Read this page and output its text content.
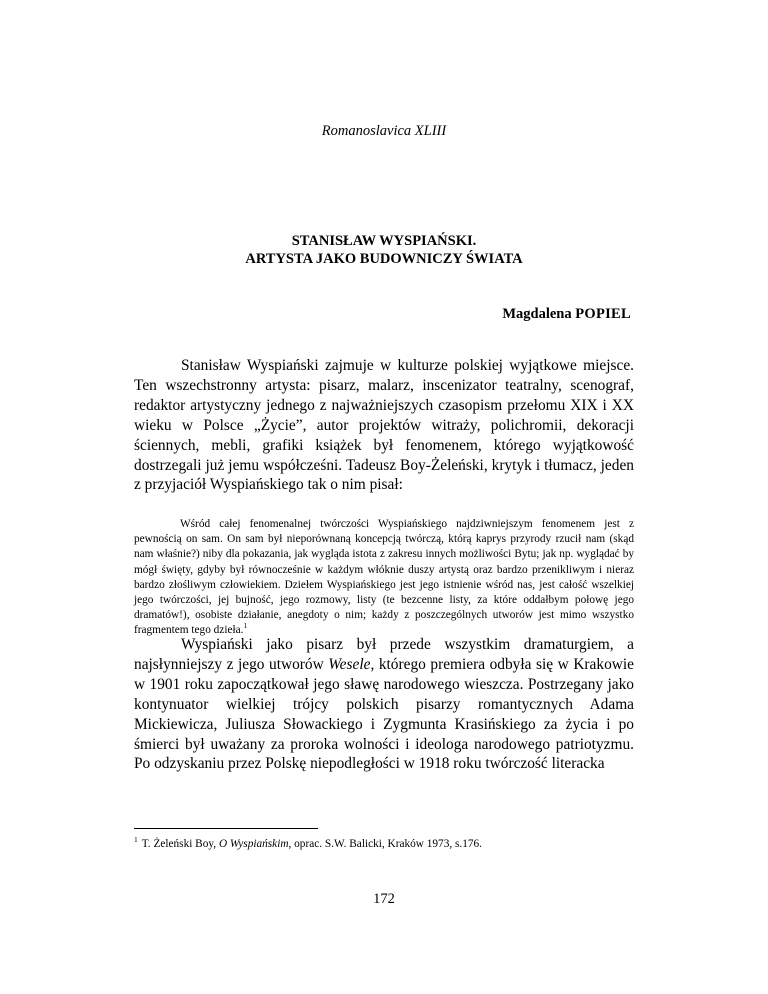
Romanoslavica XLIII
STANISŁAW WYSPIAŃSKI.
ARTYSTA JAKO BUDOWNICZY ŚWIATA
Magdalena POPIEL

Stanisław Wyspiański zajmuje w kulturze polskiej wyjątkowe miejsce. Ten wszechstronny artysta: pisarz, malarz, inscenizator teatralny, scenograf, redaktor artystyczny jednego z najważniejszych czasopism przełomu XIX i XX wieku w Polsce „Życie”, autor projektów witraży, polichromii, dekoracji ściennych, mebli, grafiki książek był fenomenem, którego wyjątkowość dostrzegali już jemu współcześni. Tadeusz Boy-Żeleński, krytyk i tłumacz, jeden z przyjaciół Wyspiańskiego tak o nim pisał:

Wśród całej fenomenalnej twórczości Wyspiańskiego najdziwniejszym fenomenem jest z pewnością on sam. On sam był nieporównaną koncepcją twórczą, którą kaprys przyrody rzucił nam (skąd nam właśnie?) niby dla pokazania, jak wygląda istota z zakresu innych możliwości Bytu; jak np. wyglądać by mógł święty, gdyby był równocześnie w każdym włóknie duszy artystą oraz bardzo przenikliwym i nieraz bardzo złośliwym człowiekiem. Dziełem Wyspiańskiego jest jego istnienie wśród nas, jest całość wszelkiej jego twórczości, jej bujność, jego rozmowy, listy (te bezcenne listy, za które oddałbym połowę jego dramatów!), osobiste działanie, anegdoty o nim; każdy z poszczególnych utworów jest mimo wszystko fragmentem tego dzieła.$^1$

Wyspiański jako pisarz był przede wszystkim dramaturgiem, a najsłynniejszy z jego utworów Wesele, którego premiera odbyła się w Krakowie w 1901 roku zapoczątkował jego sławę narodowego wieszcza. Postrzegany jako kontynuator wielkiej trójcy polskich pisarzy romantycznych Adama Mickiewicza, Juliusza Słowackiego i Zygmunta Krasińskiego za życia i po śmierci był uważany za proroka wolności i ideologa narodowego patriotyzmu. Po odzyskaniu przez Polskę niepodległości w 1918 roku twórczość literacka

$^1$ T. Żeleński Boy, O Wyspiańskim, oprac. S.W. Balicki, Kraków 1973, s.176.

172
